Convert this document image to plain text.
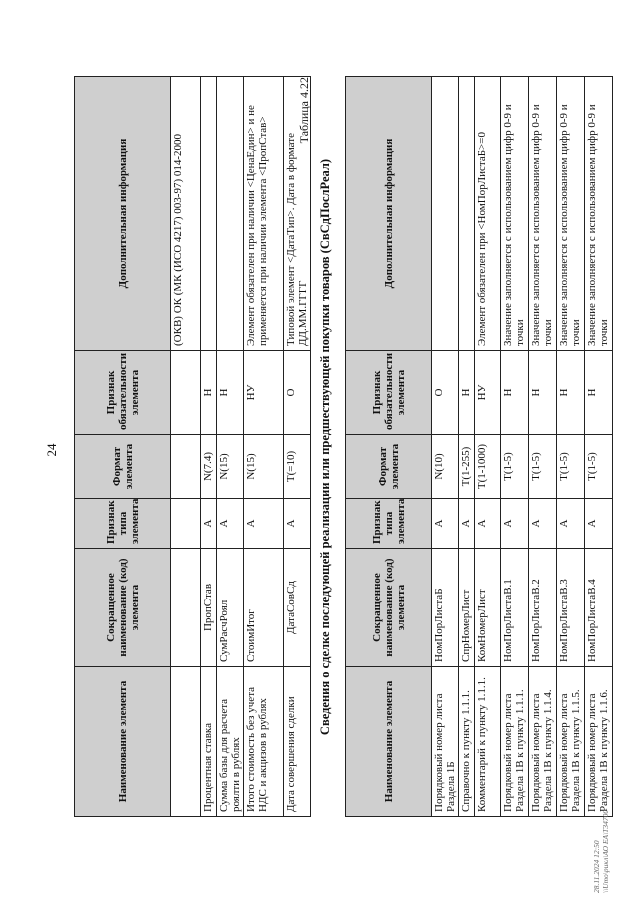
24
Наименование элемента	Сокращенное наименование (код) элемента	Признак типа элемента	Формат элемента	Признак обязательности элемента	Дополнительная информация
					(ОКВ) ОК (МК (ИСО 4217) 003-97) 014-2000
Процентная ставка	ПропСтав	А	N(7.4)	Н	
Сумма базы для расчета роялти в рублях	СумРасчРоял	А	N(15)	Н	
Итого стоимость без учета НДС и акцизов в рублях	СтоимИтог	А	N(15)	НУ	Элемент обязателен при наличии <ЦенаЕдин> и не применяется при наличии элемента <ПропСтав>
Дата совершения сделки	ДатаСовСд	А	T(=10)	О	Типовой элемент <ДатаТип>. Дата в формате ДД.ММ.ГГГГ
Таблица 4.22
Сведения о сделке последующей реализации или предшествующей покупки товаров (СвСдПослРеал)
Наименование элемента	Сокращенное наименование (код) элемента	Признак типа элемента	Формат элемента	Признак обязательности элемента	Дополнительная информация
Порядковый номер листа Раздела 1Б	НомПорЛистаБ	А	N(10)	О	
Справочно к пункту 1.1.1.	СпрНомерЛист	А	T(1-255)	Н	
Комментарий к пункту 1.1.1.	КомНомерЛист	А	T(1-1000)	НУ	Элемент обязателен при <НомПорЛистаБ>=0
Порядковый номер листа Раздела 1В к пункту 1.1.1.	НомПорЛистаВ.1	А	T(1-5)	Н	Значение заполняется с использованием цифр 0-9 и точки
Порядковый номер листа Раздела 1В к пункту 1.1.4.	НомПорЛистаВ.2	А	T(1-5)	Н	Значение заполняется с использованием цифр 0-9 и точки
Порядковый номер листа Раздела 1В к пункту 1.1.5.	НомПорЛистаВ.3	А	T(1-5)	Н	Значение заполняется с использованием цифр 0-9 и точки
Порядковый номер листа Раздела 1В к пункту 1.1.6.	НомПорЛистаВ.4	А	T(1-5)	Н	Значение заполняется с использованием цифр 0-9 и точки
28.11.2024 12:50 \\Umo\рикл\АО ЕА\Т34700
